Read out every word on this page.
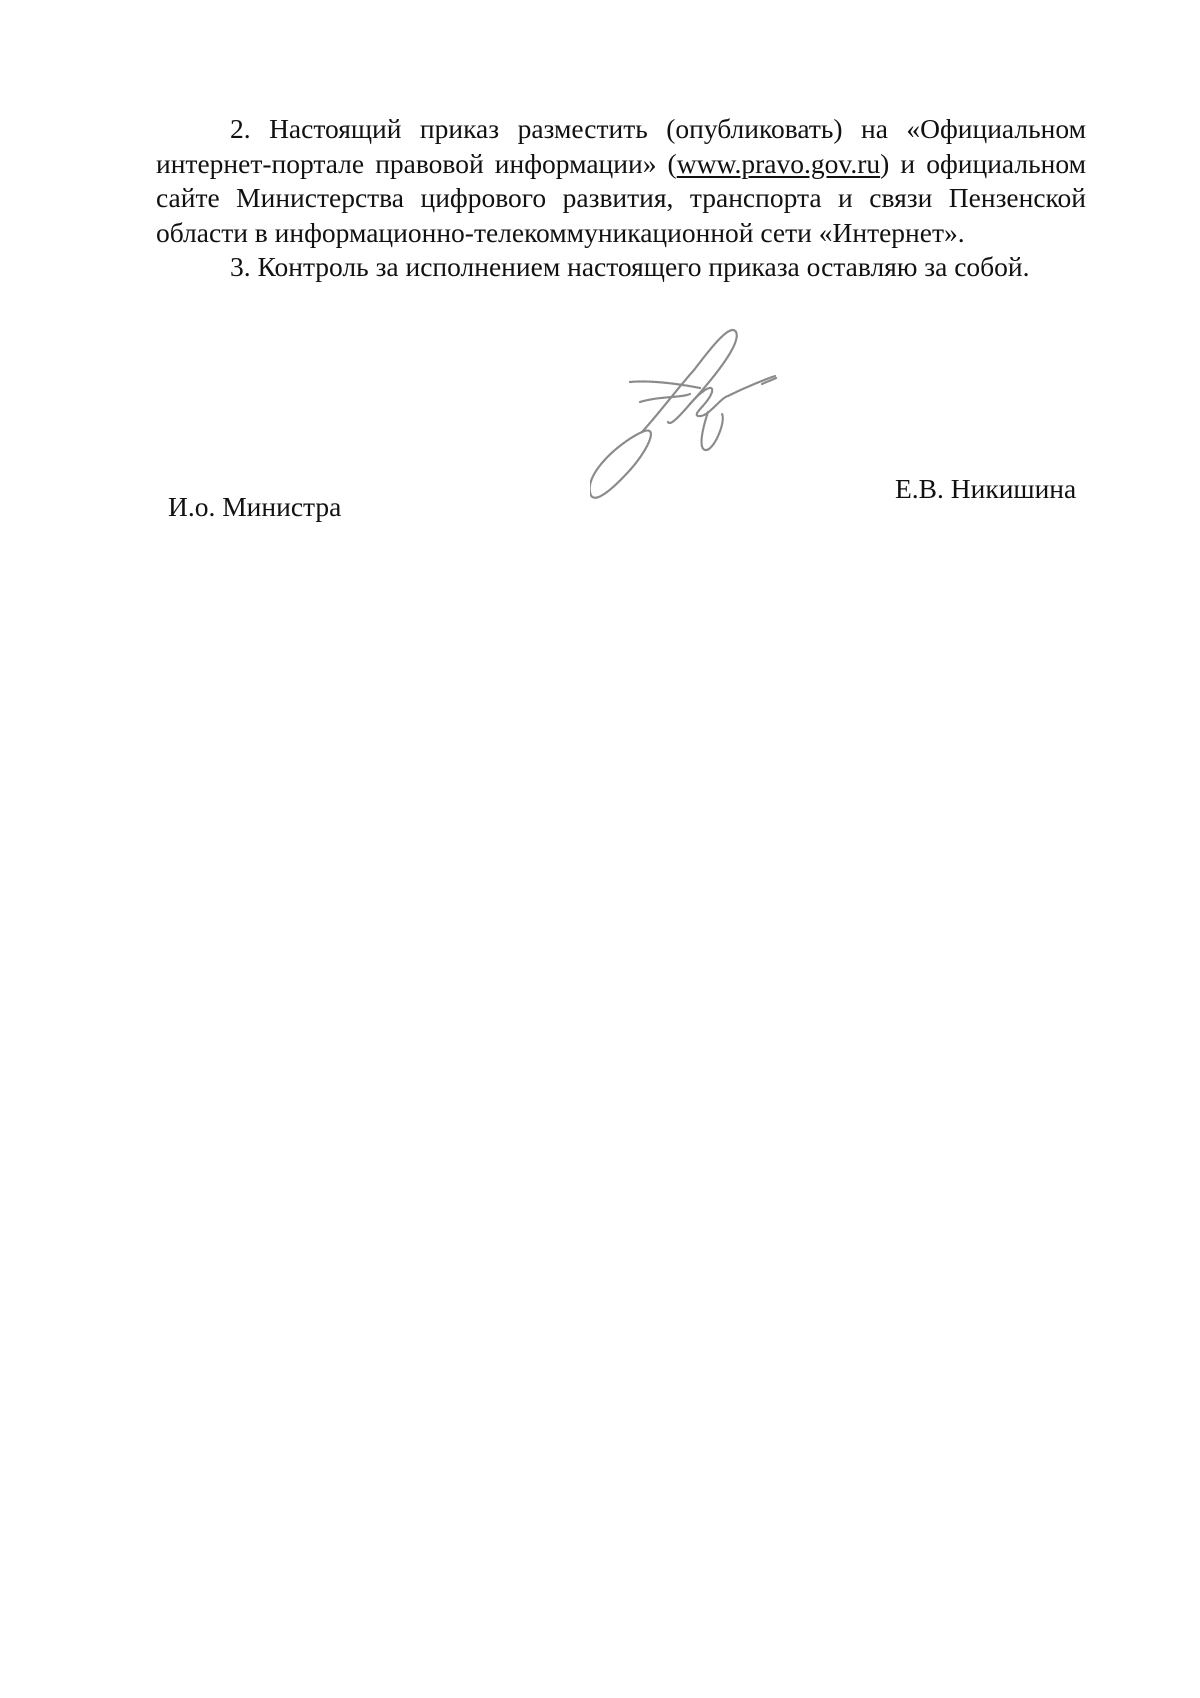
2. Настоящий приказ разместить (опубликовать) на «Официальном интернет-портале правовой информации» (www.pravo.gov.ru) и официальном сайте Министерства цифрового развития, транспорта и связи Пензенской области в информационно-телекоммуникационной сети «Интернет».

3. Контроль за исполнением настоящего приказа оставляю за собой.

И.о. Министра

Е.В. Никишина
